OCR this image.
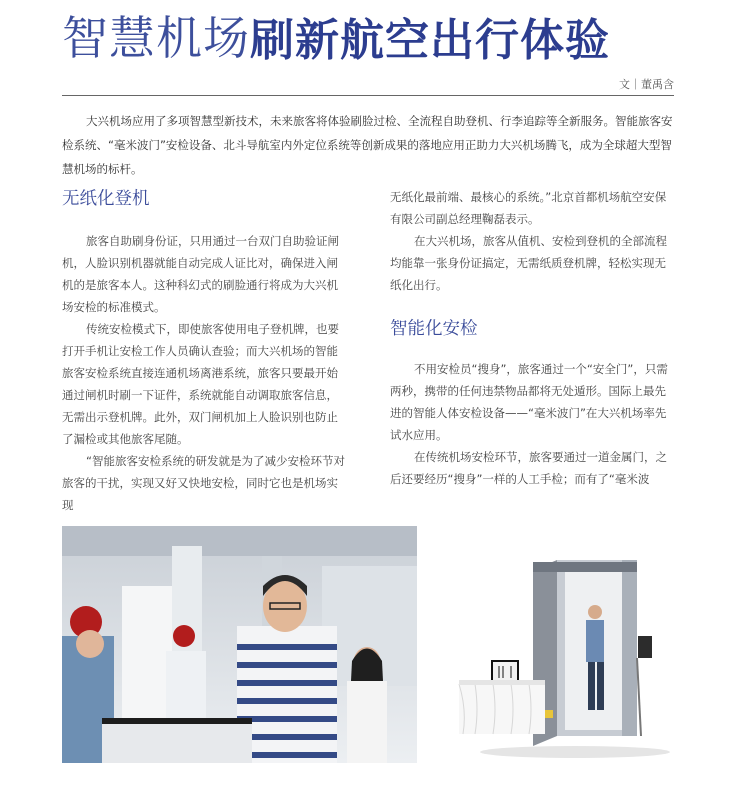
智慧机场 刷新航空出行体验
文｜董禹含

大兴机场应用了多项智慧型新技术，未来旅客将体验刷脸过检、全流程自助登机、行李追踪等全新服务。智能旅客安检系统、“毫米波门”安检设备、北斗导航室内外定位系统等创新成果的落地应用正助力大兴机场腾飞，成为全球超大型智慧机场的标杆。

无纸化登机

旅客自助刷身份证，只用通过一台双门自助验证闸机，人脸识别机器就能自动完成人证比对，确保进入闸机的是旅客本人。这种科幻式的刷脸通行将成为大兴机场安检的标准模式。

传统安检模式下，即使旅客使用电子登机牌，也要打开手机让安检工作人员确认查验；而大兴机场的智能旅客安检系统直接连通机场离港系统，旅客只要最开始通过闸机时刷一下证件，系统就能自动调取旅客信息，无需出示登机牌。此外，双门闸机加上人脸识别也防止了漏检或其他旅客尾随。

“智能旅客安检系统的研发就是为了减少安检环节对旅客的干扰，实现又好又快地安检，同时它也是机场实现

无纸化最前端、最核心的系统。”北京首都机场航空安保有限公司副总经理鞠磊表示。

在大兴机场，旅客从值机、安检到登机的全部流程均能靠一张身份证搞定，无需纸质登机牌，轻松实现无纸化出行。

智能化安检

不用安检员“搜身”，旅客通过一个“安全门”，只需两秒，携带的任何违禁物品都将无处遁形。国际上最先进的智能人体安检设备——“毫米波门”在大兴机场率先试水应用。

在传统机场安检环节，旅客要通过一道金属门，之后还要经历“搜身”一样的人工手检；而有了“毫米波
